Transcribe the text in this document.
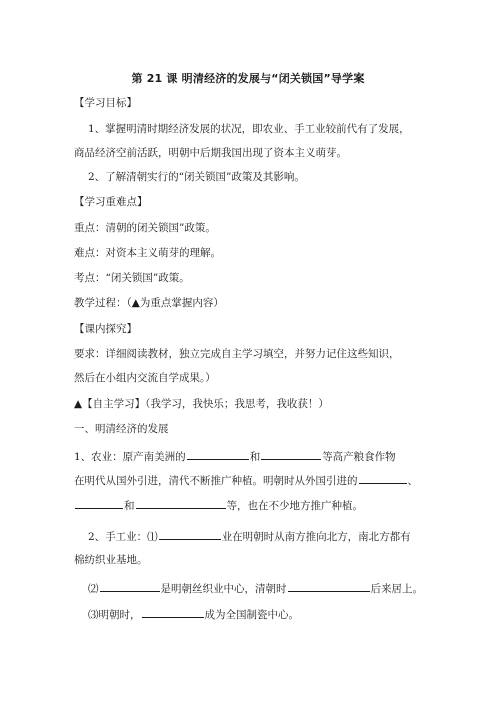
第 21 课 明清经济的发展与“闭关锁国”导学案
【学习目标】
1、掌握明清时期经济发展的状况，即农业、手工业较前代有了发展，
商品经济空前活跃，明朝中后期我国出现了资本主义萌芽。
2、了解清朝实行的“闭关锁国”政策及其影响。
【学习重难点】
重点：清朝的闭关锁国”政策。
难点：对资本主义萌芽的理解。
考点：“闭关锁国”政策。
教学过程：（▲为重点掌握内容）
【课内探究】
要求：详细阅读教材，独立完成自主学习填空，并努力记住这些知识，
然后在小组内交流自学成果。）
▲【自主学习】（我学习，我快乐；我思考，我收获！）
一、明清经济的发展
1、农业：原产南美洲的	和	等高产粮食作物
在明代从国外引进，清代不断推广种植。明朝时从外国引进的	、
和	等，也在不少地方推广种植。
2、手工业：⑴	业在明朝时从南方推向北方，南北方都有
棉纺织业基地。
⑵	是明朝丝织业中心，清朝时	后来居上。
⑶明朝时，	成为全国制瓷中心。
